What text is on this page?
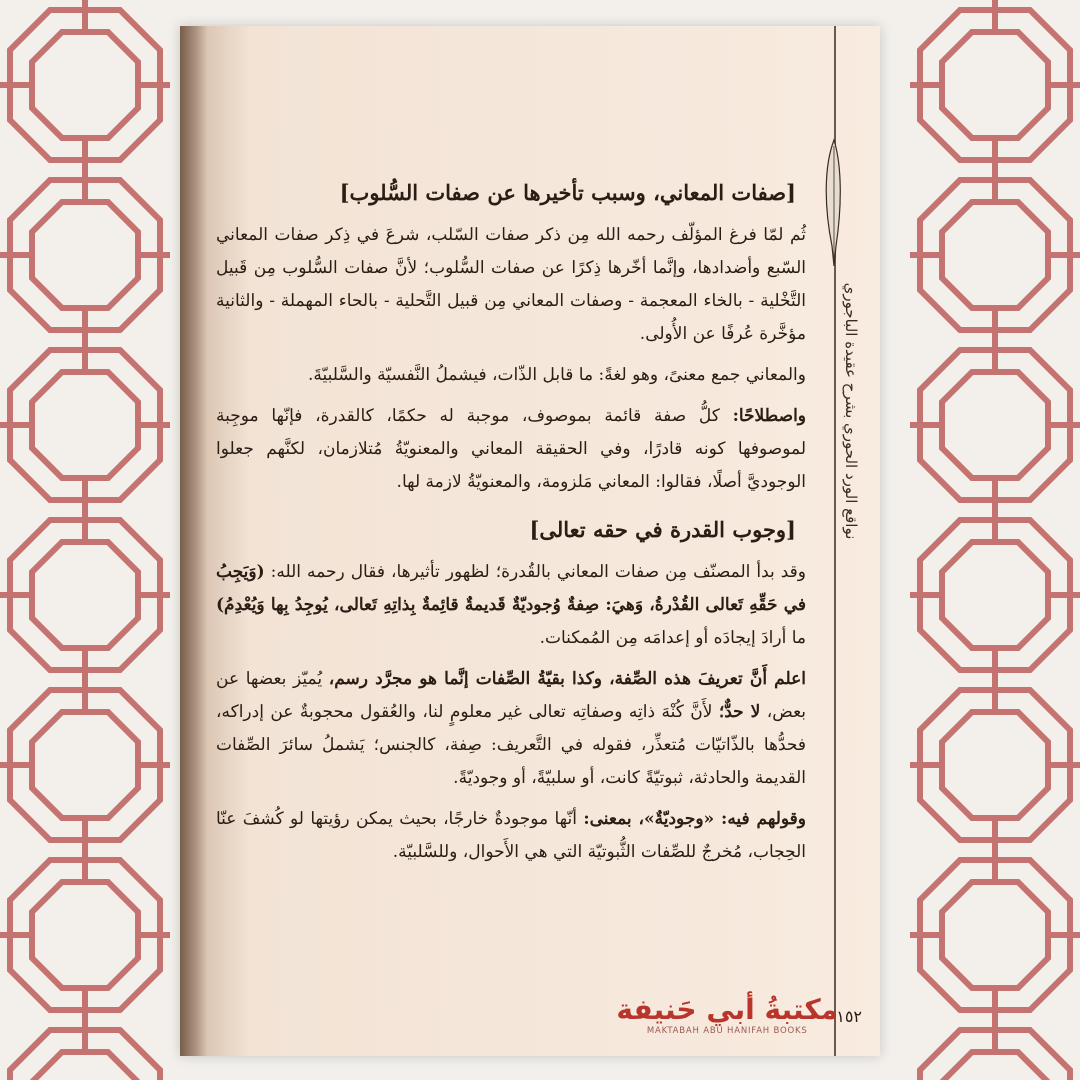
نواقع الورد الحوري بشرح عقيدة الباجوري
[صفات المعاني، وسبب تأخيرها عن صفات السُّلوب]

ثُم لمّا فرغ المؤلّف رحمه الله مِن ذكر صفات السّلب، شرعَ في ذِكر صفات المعاني السّبع وأضدادها، وإنَّما أخّرها ذِكرًا عن صفات السُّلوب؛ لأنَّ صفات السُّلوب مِن قَبيل التَّخْلية - بالخاء المعجمة - وصفات المعاني مِن قبيل التَّحلية - بالحاء المهملة - والثانية مؤخَّرة عُرفًا عن الأُولى.

والمعاني جمع معنىً، وهو لغةً: ما قابل الذّات، فيشملُ النَّفسيّة والسَّلبيّةَ.

واصطلاحًا: كلُّ صفة قائمة بموصوف، موجبة له حكمًا، كالقدرة، فإنّها موجِبة لموصوفها كونه قادرًا، وفي الحقيقة المعاني والمعنويّةُ مُتلازمان، لكنَّهم جعلوا الوجوديَّ أصلًا، فقالوا: المعاني مَلزومة، والمعنويّةُ لازمة لها.

[وجوب القدرة في حقه تعالى]

وقد بدأ المصنّف مِن صفات المعاني بالقُدرة؛ لظهور تأثيرها، فقال رحمه الله: (وَيَجِبُ في حَقِّهِ تَعالى القُدْرةُ، وَهيَ: صِفةٌ وُجوديّةٌ قَديمةٌ قائِمةٌ بِذاتِهِ تَعالى، يُوجِدُ بِها وَيُعْدِمُ) ما أرادَ إيجادَه أو إعدامَه مِن المُمكنات.

اعلم أَنَّ تعريفَ هذه الصِّفة، وكذا بقيّةُ الصِّفات إنَّما هو مجرَّد رسم، يُميّز بعضها عن بعض، لا حدٌّ؛ لأَنَّ كُنْهَ ذاتِه وصفاتِه تعالى غير معلومٍ لنا، والعُقول محجوبةٌ عن إدراكه، فحدُّها بالذّاتيّات مُتعذِّر، فقوله في التَّعريف: صِفة، كالجنس؛ يَشملُ سائرَ الصِّفات القديمة والحادثة، ثبوتيّةً كانت، أو سلبيّةً، أو وجوديّةً.

وقولهم فيه: «وجوديّةٌ»، بمعنى: أنّها موجودةٌ خارجًا، بحيث يمكن رؤيتها لو كُشفَ عنّا الحِجاب، مُخرجٌ للصِّفات الثُّبوتيّة التي هي الأَحوال، وللسَّلبيّة.

١٥٢
مكتبةُ أبي حَنيفة
MAKTABAH ABU HANIFAH BOOKS
